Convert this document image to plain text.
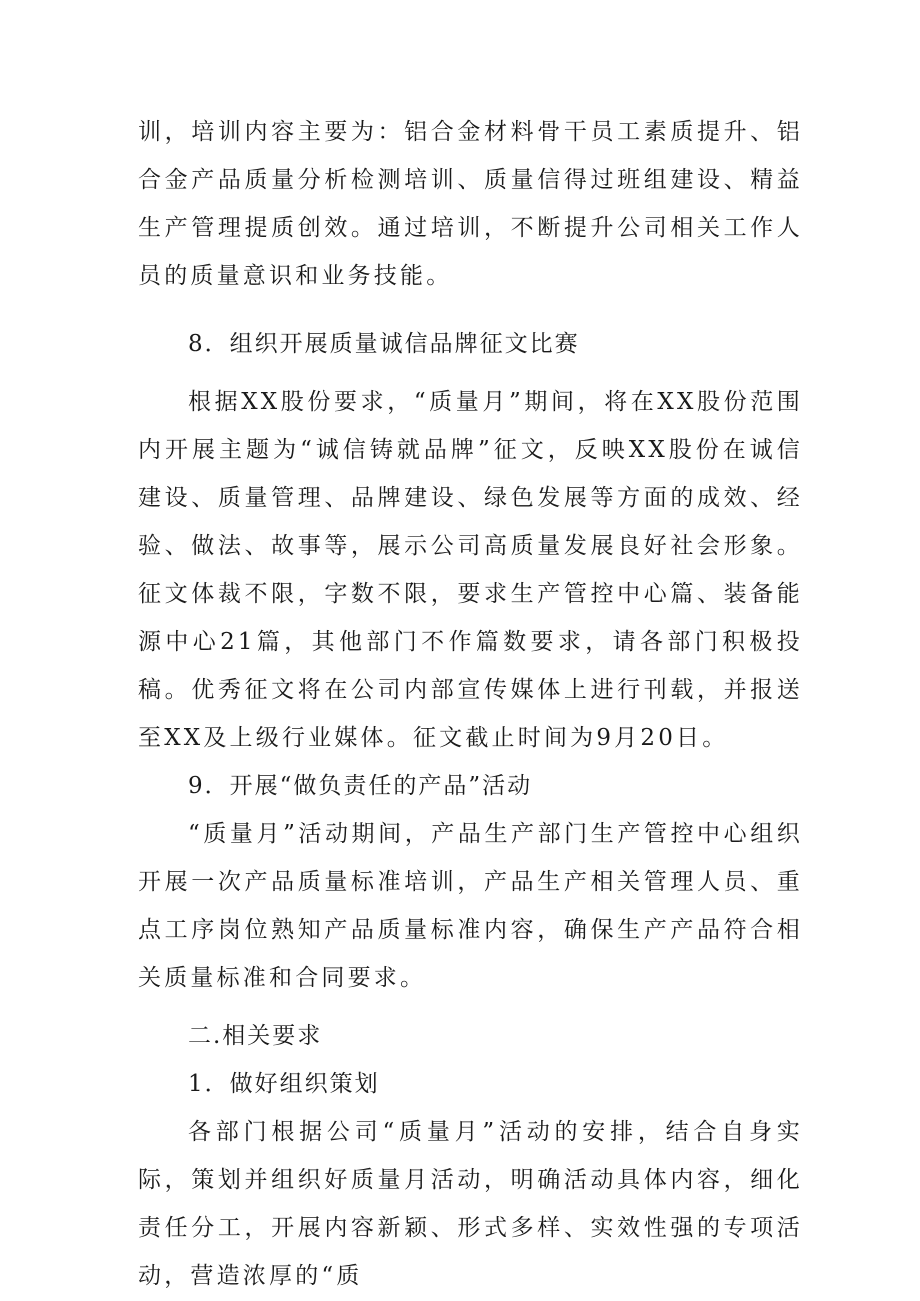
训，培训内容主要为：铝合金材料骨干员工素质提升、铝合金产品质量分析检测培训、质量信得过班组建设、精益生产管理提质创效。通过培训，不断提升公司相关工作人员的质量意识和业务技能。

8．组织开展质量诚信品牌征文比赛

根据XX股份要求，“质量月”期间，将在XX股份范围内开展主题为“诚信铸就品牌”征文，反映XX股份在诚信建设、质量管理、品牌建设、绿色发展等方面的成效、经验、做法、故事等，展示公司高质量发展良好社会形象。征文体裁不限，字数不限，要求生产管控中心篇、装备能源中心21篇，其他部门不作篇数要求，请各部门积极投稿。优秀征文将在公司内部宣传媒体上进行刊载，并报送至XX及上级行业媒体。征文截止时间为9月20日。

9．开展“做负责任的产品”活动

“质量月”活动期间，产品生产部门生产管控中心组织开展一次产品质量标准培训，产品生产相关管理人员、重点工序岗位熟知产品质量标准内容，确保生产产品符合相关质量标准和合同要求。

二.相关要求

1．做好组织策划

各部门根据公司“质量月”活动的安排，结合自身实际，策划并组织好质量月活动，明确活动具体内容，细化责任分工，开展内容新颖、形式多样、实效性强的专项活动，营造浓厚的“质
